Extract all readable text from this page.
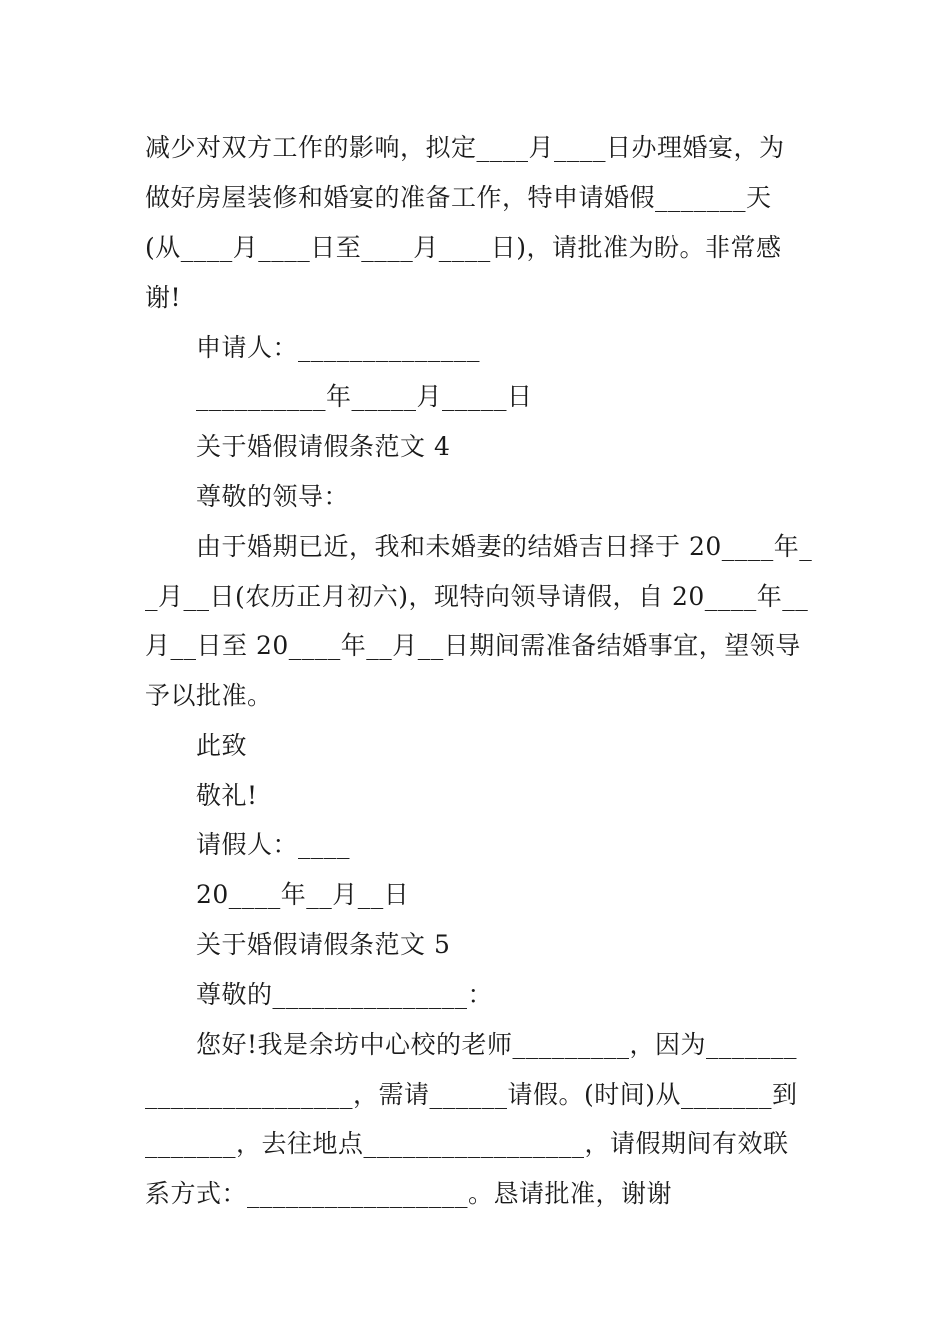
减少对双方工作的影响，拟定____月____日办理婚宴，为
做好房屋装修和婚宴的准备工作，特申请婚假_______天
(从____月____日至____月____日)，请批准为盼。非常感
谢!
申请人：______________
__________年_____月_____日
关于婚假请假条范文 4
尊敬的领导：
由于婚期已近，我和未婚妻的结婚吉日择于 20____年_
_月__日(农历正月初六)，现特向领导请假，自 20____年__
月__日至 20____年__月__日期间需准备结婚事宜，望领导
予以批准。
此致
敬礼!
请假人：____
20____年__月__日
关于婚假请假条范文 5
尊敬的_______________：
您好!我是余坊中心校的老师_________，因为_______
________________，需请______请假。(时间)从_______到
_______，去往地点_________________，请假期间有效联
系方式：_________________。恳请批准，谢谢
